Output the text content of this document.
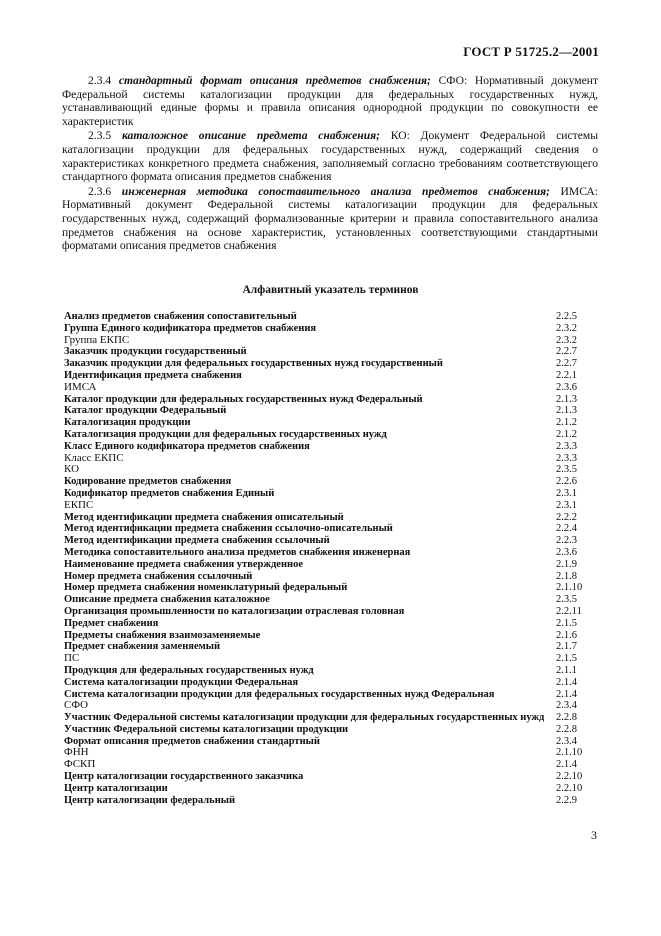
ГОСТ Р 51725.2—2001

2.3.4 стандартный формат описания предметов снабжения; СФО: Нормативный документ Федеральной системы каталогизации продукции для федеральных государственных нужд, устанавливающий единые формы и правила описания однородной продукции по совокупности ее характеристик

2.3.5 каталожное описание предмета снабжения; КО: Документ Федеральной системы каталогизации продукции для федеральных государственных нужд, содержащий сведения о характеристиках конкретного предмета снабжения, заполняемый согласно требованиям соответствующего стандартного формата описания предметов снабжения

2.3.6 инженерная методика сопоставительного анализа предметов снабжения; ИМСА: Нормативный документ Федеральной системы каталогизации продукции для федеральных государственных нужд, содержащий формализованные критерии и правила сопоставительного анализа предметов снабжения на основе характеристик, установленных соответствующими стандартными форматами описания предметов снабжения

Алфавитный указатель терминов
Анализ предметов снабжения сопоставительный	2.2.5
Группа Единого кодификатора предметов снабжения	2.3.2
Группа ЕКПС	2.3.2
Заказчик продукции государственный	2.2.7
Заказчик продукции для федеральных государственных нужд государственный	2.2.7
Идентификация предмета снабжения	2.2.1
ИМСА	2.3.6
Каталог продукции для федеральных государственных нужд Федеральный	2.1.3
Каталог продукции Федеральный	2.1.3
Каталогизация продукции	2.1.2
Каталогизация продукции для федеральных государственных нужд	2.1.2
Класс Единого кодификатора предметов снабжения	2.3.3
Класс ЕКПС	2.3.3
КО	2.3.5
Кодирование предметов снабжения	2.2.6
Кодификатор предметов снабжения Единый	2.3.1
ЕКПС	2.3.1
Метод идентификации предмета снабжения описательный	2.2.2
Метод идентификации предмета снабжения ссылочно-описательный	2.2.4
Метод идентификации предмета снабжения ссылочный	2.2.3
Методика сопоставительного анализа предметов снабжения инженерная	2.3.6
Наименование предмета снабжения утвержденное	2.1.9
Номер предмета снабжения ссылочный	2.1.8
Номер предмета снабжения номенклатурный федеральный	2.1.10
Описание предмета снабжения каталожное	2.3.5
Организация промышленности по каталогизации отраслевая головная	2.2.11
Предмет снабжения	2.1.5
Предметы снабжения взаимозаменяемые	2.1.6
Предмет снабжения заменяемый	2.1.7
ПС	2.1.5
Продукция для федеральных государственных нужд	2.1.1
Система каталогизации продукции Федеральная	2.1.4
Система каталогизации продукции для федеральных государственных нужд Федеральная	2.1.4
СФО	2.3.4
Участник Федеральной системы каталогизации продукции для федеральных государственных нужд 2.2.8
Участник Федеральной системы каталогизации продукции	2.2.8
Формат описания предметов снабжения стандартный	2.3.4
ФНН	2.1.10
ФСКП	2.1.4
Центр каталогизации государственного заказчика	2.2.10
Центр каталогизации	2.2.10
Центр каталогизации федеральный	2.2.9
3
